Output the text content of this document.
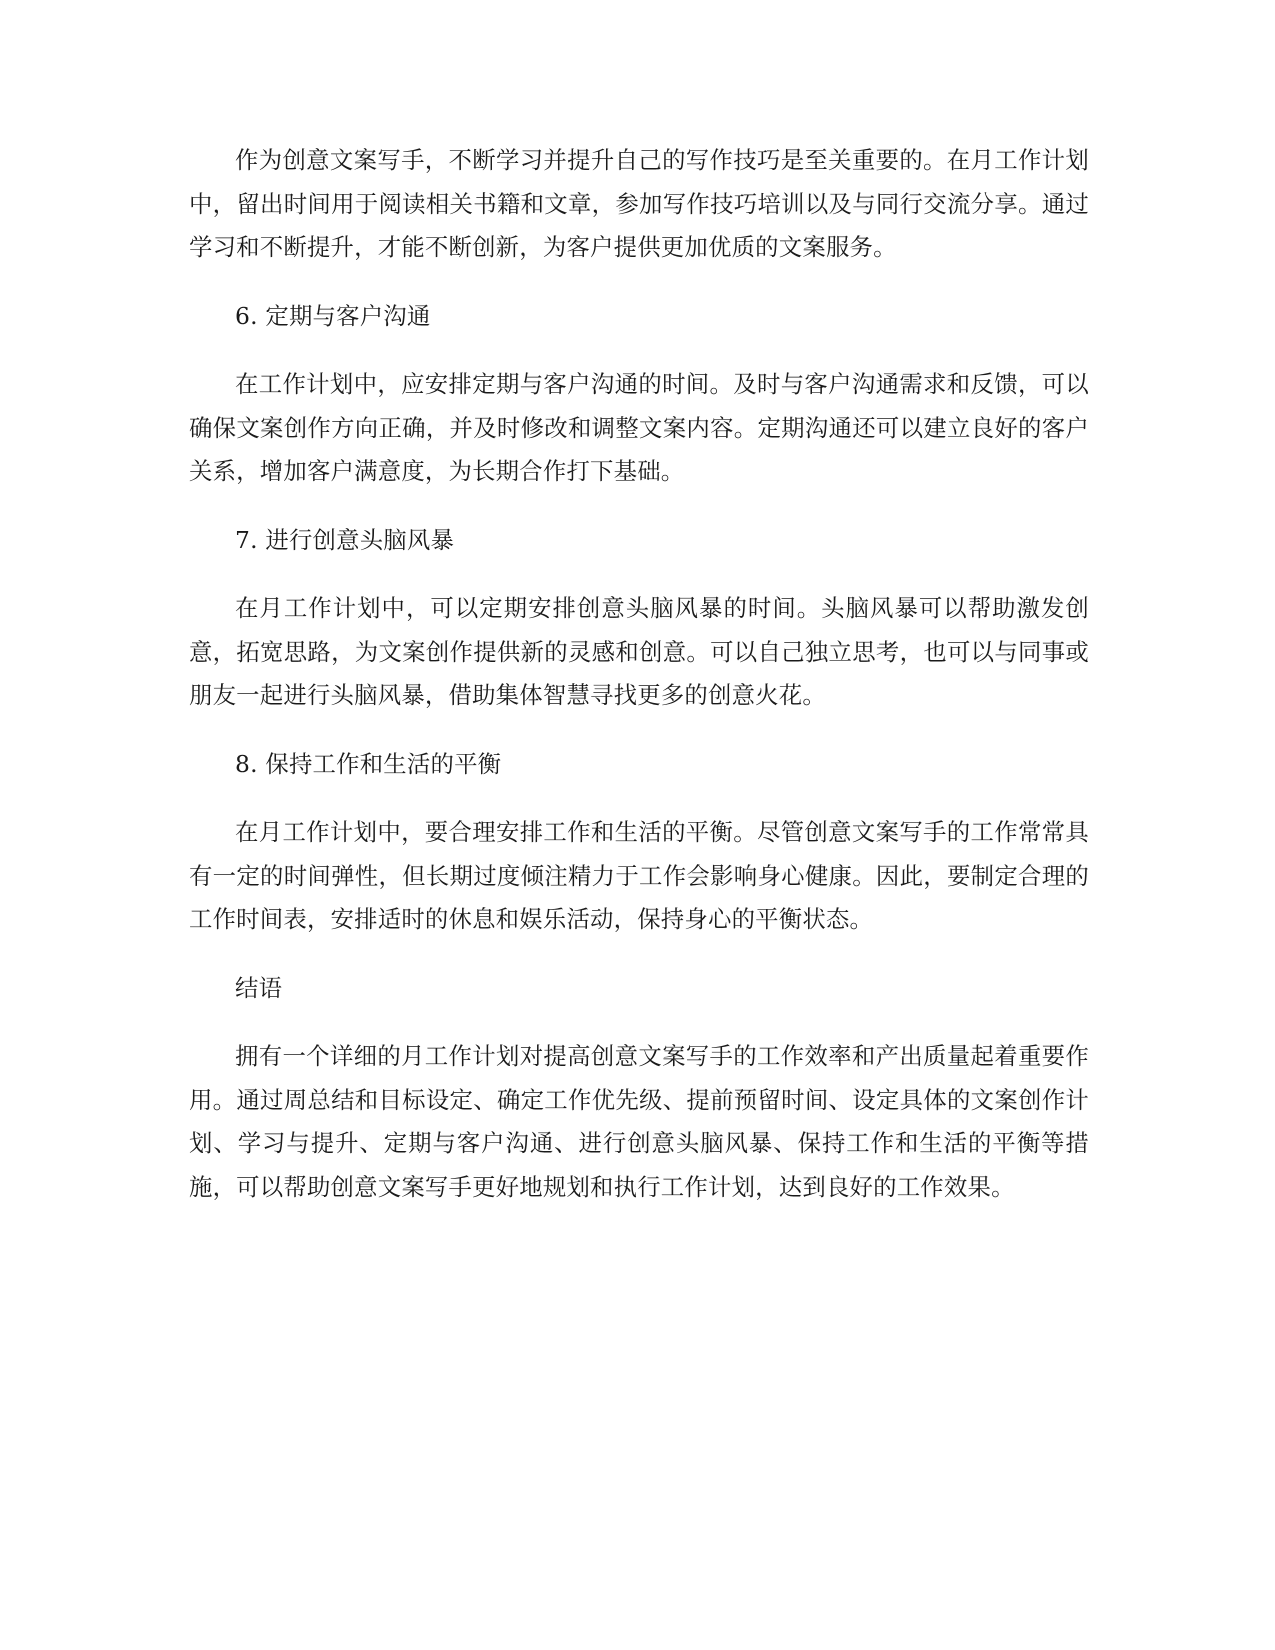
作为创意文案写手，不断学习并提升自己的写作技巧是至关重要的。在月工作计划中，留出时间用于阅读相关书籍和文章，参加写作技巧培训以及与同行交流分享。通过学习和不断提升，才能不断创新，为客户提供更加优质的文案服务。

6. 定期与客户沟通

在工作计划中，应安排定期与客户沟通的时间。及时与客户沟通需求和反馈，可以确保文案创作方向正确，并及时修改和调整文案内容。定期沟通还可以建立良好的客户关系，增加客户满意度，为长期合作打下基础。

7. 进行创意头脑风暴

在月工作计划中，可以定期安排创意头脑风暴的时间。头脑风暴可以帮助激发创意，拓宽思路，为文案创作提供新的灵感和创意。可以自己独立思考，也可以与同事或朋友一起进行头脑风暴，借助集体智慧寻找更多的创意火花。

8. 保持工作和生活的平衡

在月工作计划中，要合理安排工作和生活的平衡。尽管创意文案写手的工作常常具有一定的时间弹性，但长期过度倾注精力于工作会影响身心健康。因此，要制定合理的工作时间表，安排适时的休息和娱乐活动，保持身心的平衡状态。

结语

拥有一个详细的月工作计划对提高创意文案写手的工作效率和产出质量起着重要作用。通过周总结和目标设定、确定工作优先级、提前预留时间、设定具体的文案创作计划、学习与提升、定期与客户沟通、进行创意头脑风暴、保持工作和生活的平衡等措施，可以帮助创意文案写手更好地规划和执行工作计划，达到良好的工作效果。
